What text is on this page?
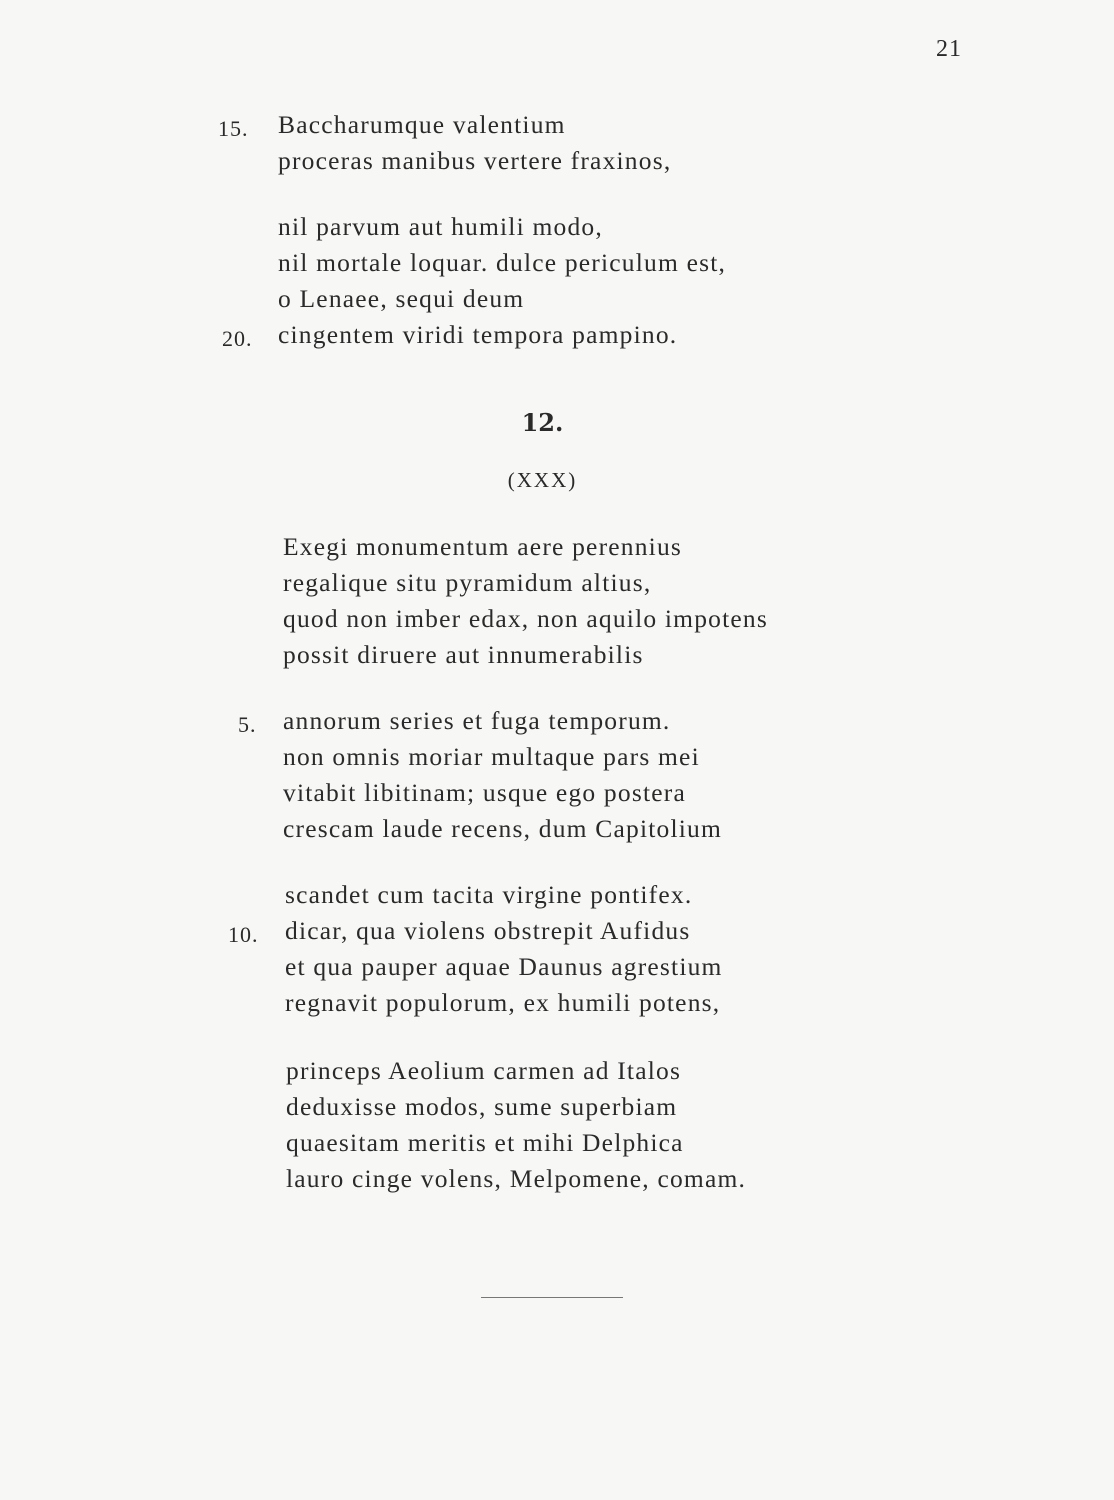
21
15. Baccharumque valentium
proceras manibus vertere fraxinos,
nil parvum aut humili modo,
nil mortale loquar. dulce periculum est,
o Lenaee, sequi deum
20. cingentem viridi tempora pampino.
12.
(XXX)
Exegi monumentum aere perennius
regalique situ pyramidum altius,
quod non imber edax, non aquilo impotens
possit diruere aut innumerabilis
5. annorum series et fuga temporum.
non omnis moriar multaque pars mei
vitabit libitinam; usque ego postera
crescam laude recens, dum Capitolium
scandet cum tacita virgine pontifex.
10. dicar, qua violens obstrepit Aufidus
et qua pauper aquae Daunus agrestium
regnavit populorum, ex humili potens,
princeps Aeolium carmen ad Italos
deduxisse modos, sume superbiam
quaesitam meritis et mihi Delphica
lauro cinge volens, Melpomene, comam.
